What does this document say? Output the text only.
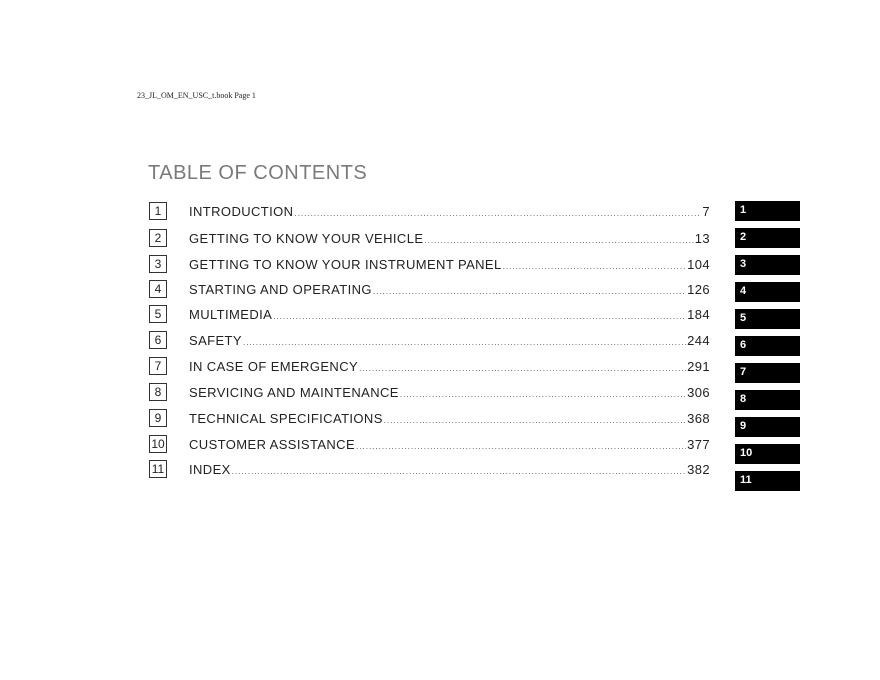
23_JL_OM_EN_USC_t.book Page 1
TABLE OF CONTENTS
1	INTRODUCTION .....	7
2	GETTING TO KNOW YOUR VEHICLE .....	13
3	GETTING TO KNOW YOUR INSTRUMENT PANEL .....	104
4	STARTING AND OPERATING .....	126
5	MULTIMEDIA .....	184
6	SAFETY .....	244
7	IN CASE OF EMERGENCY .....	291
8	SERVICING AND MAINTENANCE .....	306
9	TECHNICAL SPECIFICATIONS .....	368
10 CUSTOMER ASSISTANCE .....	377
11 INDEX .....	382
1
2
3
4
5
6
7
8
9
10
11
